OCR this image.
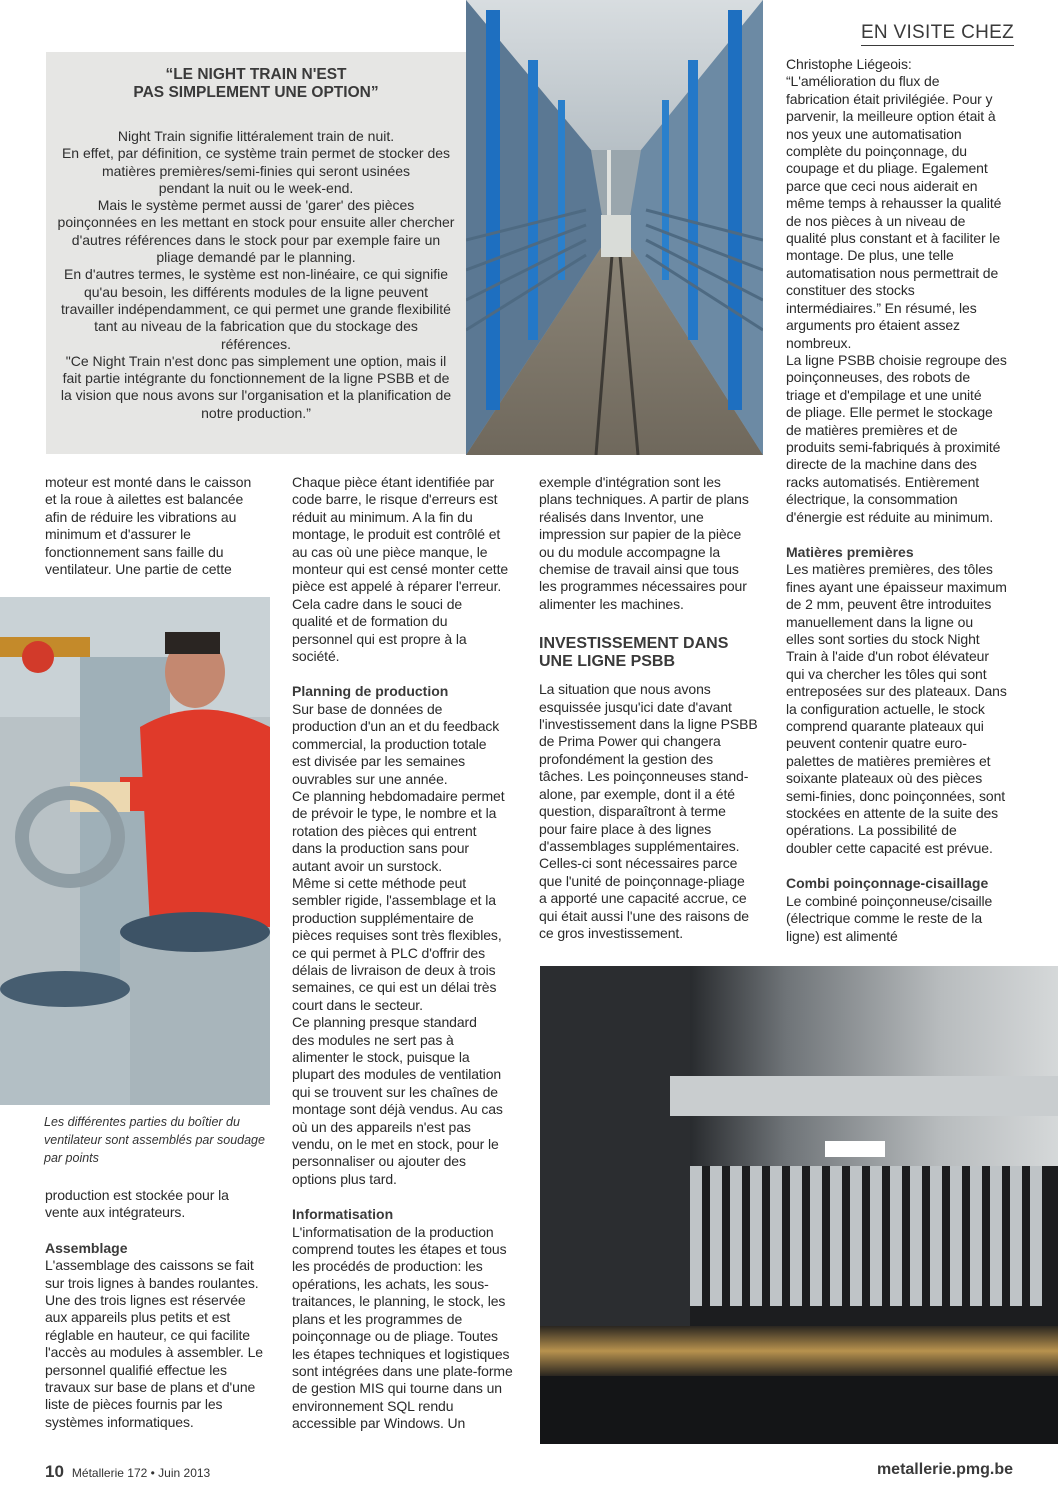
EN VISITE CHEZ
“LE NIGHT TRAIN N'EST
PAS SIMPLEMENT UNE OPTION”
Night Train signifie littéralement train de nuit.
En effet, par définition, ce système train permet de stocker des
matières premières/semi-finies qui seront usinées
pendant la nuit ou le week-end.
Mais le système permet aussi de 'garer' des pièces
poinçonnées en les mettant en stock pour ensuite aller chercher
d'autres références dans le stock pour par exemple faire un
pliage demandé par le planning.
En d'autres termes, le système est non-linéaire, ce qui signifie
qu'au besoin, les différents modules de la ligne peuvent
travailler indépendamment, ce qui permet une grande flexibilité
tant au niveau de la fabrication que du stockage des
références.
"Ce Night Train n'est donc pas simplement une option, mais il
fait partie intégrante du fonctionnement de la ligne PSBB et de
la vision que nous avons sur l'organisation et la planification de
notre production.”
moteur est monté dans le caisson
et la roue à ailettes est balancée
afin de réduire les vibrations au
minimum et d'assurer le
fonctionnement sans faille du
ventilateur. Une partie de cette
Les différentes parties du boîtier du
ventilateur sont assemblés par soudage
par points
production est stockée pour la
vente aux intégrateurs.
Assemblage
L'assemblage des caissons se fait
sur trois lignes à bandes roulantes.
Une des trois lignes est réservée
aux appareils plus petits et est
réglable en hauteur, ce qui facilite
l'accès au modules à assembler. Le
personnel qualifié effectue les
travaux sur base de plans et d'une
liste de pièces fournis par les
systèmes informatiques.
Chaque pièce étant identifiée par
code barre, le risque d'erreurs est
réduit au minimum. A la fin du
montage, le produit est contrôlé et
au cas où une pièce manque, le
monteur qui est censé monter cette
pièce est appelé à réparer l'erreur.
Cela cadre dans le souci de
qualité et de formation du
personnel qui est propre à la
société.
Planning de production
Sur base de données de
production d'un an et du feedback
commercial, la production totale
est divisée par les semaines
ouvrables sur une année.
Ce planning hebdomadaire permet
de prévoir le type, le nombre et la
rotation des pièces qui entrent
dans la production sans pour
autant avoir un surstock.
Même si cette méthode peut
sembler rigide, l'assemblage et la
production supplémentaire de
pièces requises sont très flexibles,
ce qui permet à PLC d'offrir des
délais de livraison de deux à trois
semaines, ce qui est un délai très
court dans le secteur.
Ce planning presque standard
des modules ne sert pas à
alimenter le stock, puisque la
plupart des modules de ventilation
qui se trouvent sur les chaînes de
montage sont déjà vendus. Au cas
où un des appareils n'est pas
vendu, on le met en stock, pour le
personnaliser ou ajouter des
options plus tard.
Informatisation
L'informatisation de la production
comprend toutes les étapes et tous
les procédés de production: les
opérations, les achats, les sous-
traitances, le planning, le stock, les
plans et les programmes de
poinçonnage ou de pliage. Toutes
les étapes techniques et logistiques
sont intégrées dans une plate-forme
de gestion MIS qui tourne dans un
environnement SQL rendu
accessible par Windows. Un
exemple d'intégration sont les
plans techniques. A partir de plans
réalisés dans Inventor, une
impression sur papier de la pièce
ou du module accompagne la
chemise de travail ainsi que tous
les programmes nécessaires pour
alimenter les machines.
INVESTISSEMENT DANS
UNE LIGNE PSBB
La situation que nous avons
esquissée jusqu'ici date d'avant
l'investissement dans la ligne PSBB
de Prima Power qui changera
profondément la gestion des
tâches. Les poinçonneuses stand-
alone, par exemple, dont il a été
question, disparaîtront à terme
pour faire place à des lignes
d'assemblages supplémentaires.
Celles-ci sont nécessaires parce
que l'unité de poinçonnage-pliage
a apporté une capacité accrue, ce
qui était aussi l'une des raisons de
ce gros investissement.
Christophe Liégeois:
“L'amélioration du flux de
fabrication était privilégiée. Pour y
parvenir, la meilleure option était à
nos yeux une automatisation
complète du poinçonnage, du
coupage et du pliage. Egalement
parce que ceci nous aiderait en
même temps à rehausser la qualité
de nos pièces à un niveau de
qualité plus constant et à faciliter le
montage. De plus, une telle
automatisation nous permettrait de
constituer des stocks
intermédiaires.” En résumé, les
arguments pro étaient assez
nombreux.
La ligne PSBB choisie regroupe des
poinçonneuses, des robots de
triage et d'empilage et une unité
de pliage. Elle permet le stockage
de matières premières et de
produits semi-fabriqués à proximité
directe de la machine dans des
racks automatisés. Entièrement
électrique, la consommation
d'énergie est réduite au minimum.
Matières premières
Les matières premières, des tôles
fines ayant une épaisseur maximum
de 2 mm, peuvent être introduites
manuellement dans la ligne ou
elles sont sorties du stock Night
Train à l'aide d'un robot élévateur
qui va chercher les tôles qui sont
entreposées sur des plateaux. Dans
la configuration actuelle, le stock
comprend quarante plateaux qui
peuvent contenir quatre euro-
palettes de matières premières et
soixante plateaux où des pièces
semi-finies, donc poinçonnées, sont
stockées en attente de la suite des
opérations. La possibilité de
doubler cette capacité est prévue.
Combi poinçonnage-cisaillage
Le combiné poinçonneuse/cisaille
(électrique comme le reste de la
ligne) est alimenté
10 Métallerie 172 • Juin 2013	metallerie.pmg.be
